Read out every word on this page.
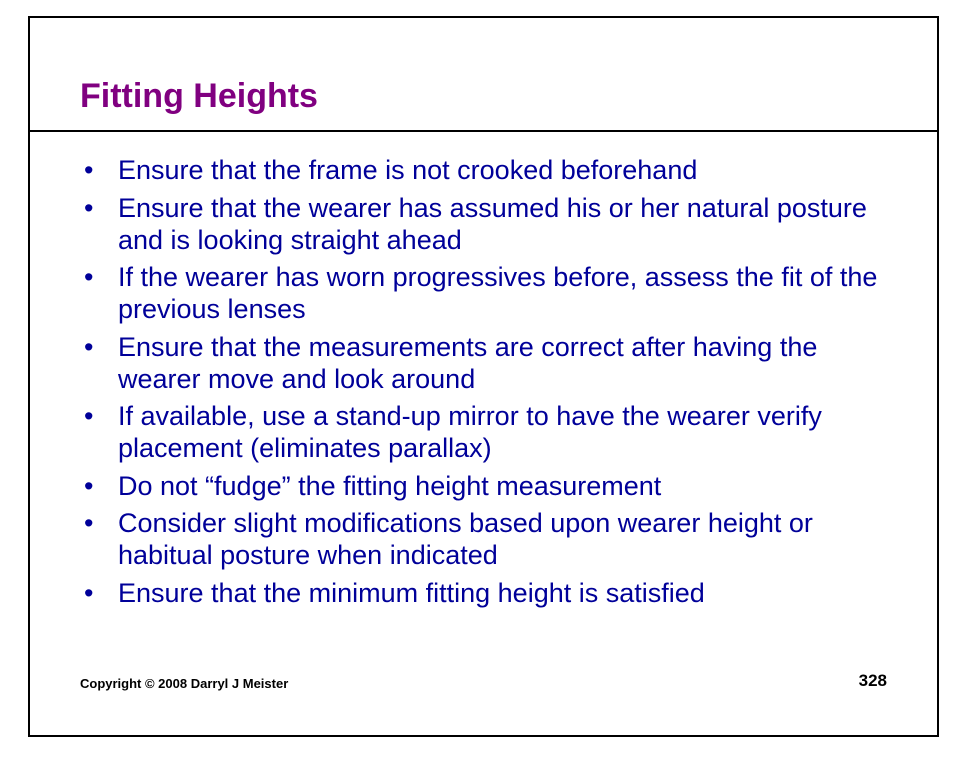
Fitting Heights
• Ensure that the frame is not crooked beforehand
• Ensure that the wearer has assumed his or her natural posture and is looking straight ahead
• If the wearer has worn progressives before, assess the fit of the previous lenses
• Ensure that the measurements are correct after having the wearer move and look around
• If available, use a stand-up mirror to have the wearer verify placement (eliminates parallax)
• Do not “fudge” the fitting height measurement
• Consider slight modifications based upon wearer height or habitual posture when indicated
• Ensure that the minimum fitting height is satisfied
Copyright © 2008 Darryl J Meister	328
